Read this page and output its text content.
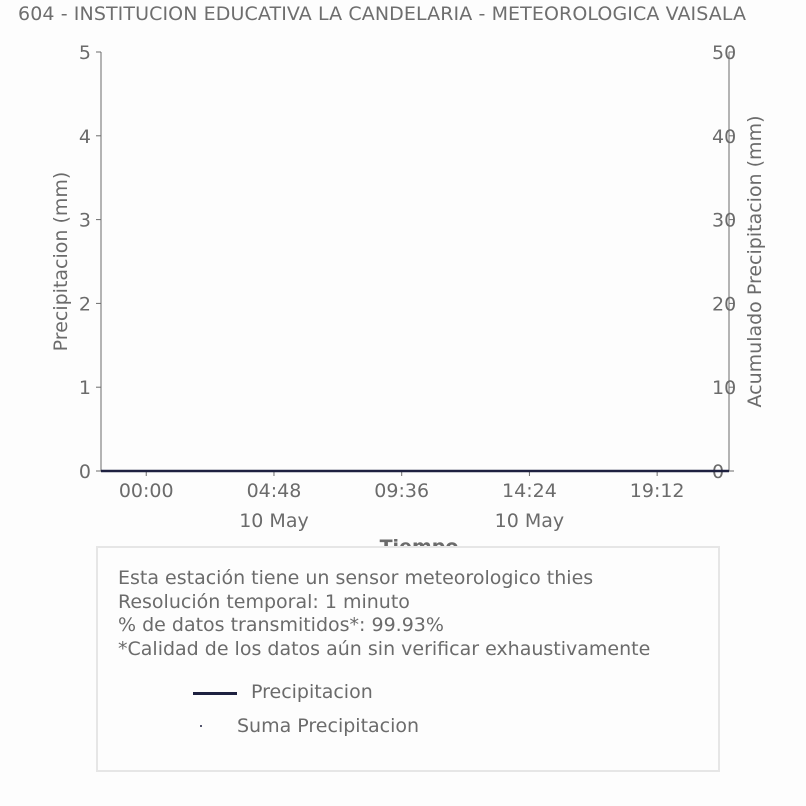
604 - INSTITUCION EDUCATIVA LA CANDELARIA - METEOROLOGICA VAISALA
0
1
2
3
4
5
0
10
20
30
40
50
00:00	04:48
10 May
09:36	14:24
10 May
19:12
Precipitacion (mm)	Acumulado Precipitacion (mm)
Esta estación tiene un sensor meteorologico thies
Resolución temporal: 1 minuto
% de datos transmitidos*: 99.93%
*Calidad de los datos aún sin verificar exhaustivamente
Precipitacion
Suma Precipitacion
